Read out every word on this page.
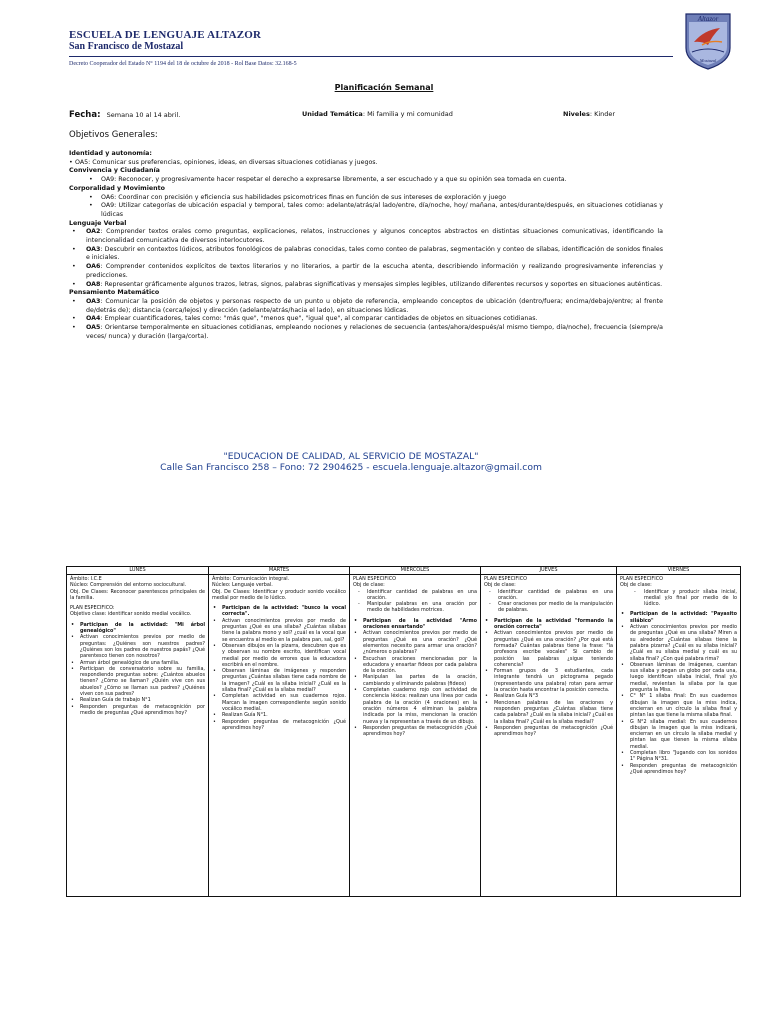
ESCUELA DE LENGUAJE ALTAZOR
San Francisco de Mostazal
Altazor
Mostazal
Decreto Cooperador del Estado N° 1194 del 18 de octubre de 2018 - Rol Base Datos: 32.168-5
Planificación Semanal
Fecha: Semana 10 al 14 abril.	Unidad Temática: Mi familia y mi comunidad	Niveles: Kinder
Objetivos Generales:
Identidad y autonomía:
• OA5: Comunicar sus preferencias, opiniones, ideas, en diversas situaciones cotidianas y juegos.
Convivencia y Ciudadanía
• OA9: Reconocer, y progresivamente hacer respetar el derecho a expresarse libremente, a ser escuchado y a que su opinión sea tomada en cuenta.
Corporalidad y Movimiento
• OA6: Coordinar con precisión y eficiencia sus habilidades psicomotrices finas en función de sus intereses de exploración y juego
• OA9: Utilizar categorías de ubicación espacial y temporal, tales como: adelante/atrás/al lado/entre, día/noche, hoy/ mañana, antes/durante/después, en situaciones cotidianas y lúdicas
Lenguaje Verbal
• OA2: Comprender textos orales como preguntas, explicaciones, relatos, instrucciones y algunos conceptos abstractos en distintas situaciones comunicativas, identificando la intencionalidad comunicativa de diversos interlocutores.
• OA3: Descubrir en contextos lúdicos, atributos fonológicos de palabras conocidas, tales como conteo de palabras, segmentación y conteo de sílabas, identificación de sonidos finales e iniciales.
• OA6: Comprender contenidos explícitos de textos literarios y no literarios, a partir de la escucha atenta, describiendo información y realizando progresivamente inferencias y predicciones.
• OA8: Representar gráficamente algunos trazos, letras, signos, palabras significativas y mensajes simples legibles, utilizando diferentes recursos y soportes en situaciones auténticas.
Pensamiento Matemático
• OA3: Comunicar la posición de objetos y personas respecto de un punto u objeto de referencia, empleando conceptos de ubicación (dentro/fuera; encima/debajo/entre; al frente de/detrás de); distancia (cerca/lejos) y dirección (adelante/atrás/hacia el lado), en situaciones lúdicas.
• OA4: Emplear cuantificadores, tales como: "más que", "menos que", "igual que", al comparar cantidades de objetos en situaciones cotidianas.
• OA5: Orientarse temporalmente en situaciones cotidianas, empleando nociones y relaciones de secuencia (antes/ahora/después/al mismo tiempo, día/noche), frecuencia (siempre/a veces/ nunca) y duración (larga/corta).
"EDUCACION DE CALIDAD, AL SERVICIO DE MOSTAZAL"
Calle San Francisco 258 – Fono: 72 2904625 - escuela.lenguaje.altazor@gmail.com
LUNES
Ámbito: I.C.E
Núcleo: Comprensión del entorno sociocultural.
Obj. De Clases: Reconocer parentescos principales de la familia.
PLAN ESPECIFICO:
Objetivo clase: identificar sonido medial vocálico.
• Participan de la actividad: "Mi árbol genealógico"
• Activan conocimientos previos por medio de preguntas: ¿Quiénes son nuestros padres? ¿Quiénes son los padres de nuestros papás? ¿Qué parentesco tienen con nosotros?
• Arman árbol genealógico de una familia.
• Participan de conversatorio sobre su familia, respondiendo preguntas sobre: ¿Cuántos abuelos tienen? ¿Cómo se llaman? ¿Quién vive con sus abuelos? ¿Cómo se llaman sus padres? ¿Quiénes viven con sus padres?
• Realizan Guía de trabajo N°1
• Responden preguntas de metacognición por medio de preguntas ¿Qué aprendimos hoy?
MARTES
Ámbito: Comunicación integral.
Núcleo: Lenguaje verbal.
Obj. De Clases: Identificar y producir sonido vocálico medial por medio de lo lúdico.
• Participan de la actividad: "busco la vocal correcta".
• Activan conocimientos previos por medio de preguntas ¿Qué es una sílaba? ¿Cuántas sílabas tiene la palabra mono y sol? ¿cuál es la vocal que se encuentra al medio en la palabra pan, sal, gol?
• Observan dibujos en la pizarra, descubren que es y observan su nombre escrito, identifican vocal medial por medio de errores que la educadora escribirá en el nombre.
• Observan láminas de imágenes y responden preguntas ¿Cuántas sílabas tiene cada nombre de la imagen? ¿Cuál es la sílaba inicial? ¿Cuál es la sílaba final? ¿Cuál es la sílaba medial?
• Completan actividad en sus cuadernos rojos. Marcan la imagen correspondiente según sonido vocálico medial.
• Realizan Guía N°1.
• Responden preguntas de metacognición ¿Qué aprendimos hoy?
MIERCOLES
PLAN ESPECIFICO
Obj de clase:
- Identificar cantidad de palabras en una oración.
- Manipular palabras en una oración por medio de habilidades motrices.
• Participan de la actividad "Armo oraciones ensartando"
• Activan conocimientos previos por medio de preguntas ¿Qué es una oración? ¿Qué elementos necesito para armar una oración? ¿números o palabras?
• Escuchan oraciones mencionadas por la educadora y ensartar fideos por cada palabra de la oración.
• Manipulan las partes de la oración, cambiando y eliminando palabras (fideos)
• Completan cuaderno rojo con actividad de conciencia léxica: realizan una línea por cada palabra de la oración (4 oraciones) en la oración números 4 eliminan la palabra indicada por la miss, mencionan la oración nueva y la representan a través de un dibujo.
• Responden preguntas de metacognición ¿Qué aprendimos hoy?
JUEVES
PLAN ESPECIFICO
Obj de clase:
- Identificar cantidad de palabras en una oración.
- Crear oraciones por medio de la manipulación de palabras.
• Participan de la actividad "formando la oración correcta"
• Activan conocimientos previos por medio de preguntas ¿Qué es una oración? ¿Por qué está formada? Cuántas palabras tiene la frase: "la profesora escribe vocales" Si cambio de posición las palabras ¿sigue teniendo coherencia?
• Forman grupos de 3 estudiantes, cada integrante tendrá un pictograma pegado (representando una palabra) rotan para armar la oración hasta encontrar la posición correcta.
• Realizan Guía N°3
• Mencionan palabras de las oraciones y responden preguntas ¿Cuántas sílabas tiene cada palabra? ¿Cuál es la sílaba inicial? ¿Cuál es la sílaba final? ¿Cuál es la sílaba medial?
• Responden preguntas de metacognición ¿Qué aprendimos hoy?
VIERNES
PLAN ESPECIFICO
Obj de clase:
- Identificar y producir sílaba inicial, medial y/o final por medio de lo lúdico.
• Participan de la actividad: "Payasito silábico"
• Activan conocimientos previos por medio de preguntas ¿Qué es una sílaba? Miren a su alrededor ¿Cuántas sílabas tiene la palabra pizarra? ¿Cuál es su sílaba inicial? ¿Cuál es su sílaba medial y cuál es su sílaba final? ¿Con qué palabra rima?
• Observan láminas de imágenes, cuentan sus sílaba y pegan un globo por cada una, luego identifican sílaba inicial, final y/o medial, revientan la sílaba por la que pregunta la Miss.
• C° N° 1 sílaba final: En sus cuadernos dibujan la imagen que la miss indica, encierran en un círculo la sílaba final y pintan las que tiene la misma sílaba final.
• G N°2 sílaba medial: En sus cuadernos dibujan la imagen que la miss indicará, encierran en un círculo la sílaba medial y pintan las que tienen la misma sílaba medial.
• Completan libro "Jugando con los sonidos 1" Página N°31.
• Responden preguntas de metacognición ¿Qué aprendimos hoy?
